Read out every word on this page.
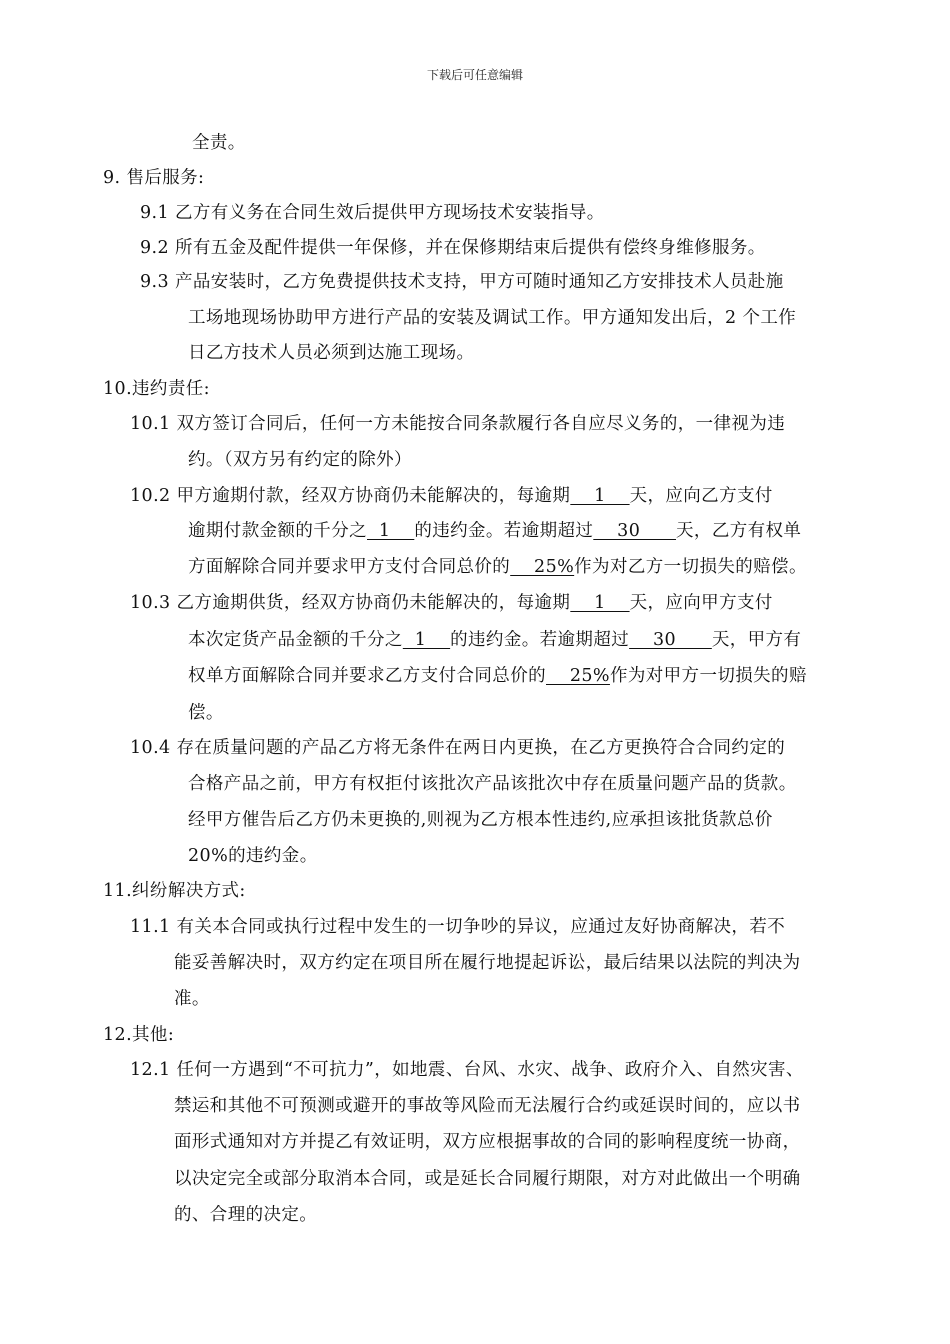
下载后可任意编辑
全责。
9. 售后服务:
9.1 乙方有义务在合同生效后提供甲方现场技术安装指导。
9.2 所有五金及配件提供一年保修，并在保修期结束后提供有偿终身维修服务。
9.3 产品安装时，乙方免费提供技术支持，甲方可随时通知乙方安排技术人员赴施
工场地现场协助甲方进行产品的安装及调试工作。甲方通知发出后，2 个工作
日乙方技术人员必须到达施工现场。
10.违约责任:
10.1 双方签订合同后，任何一方未能按合同条款履行各自应尽义务的，一律视为违
约。（双方另有约定的除外）
10.2 甲方逾期付款，经双方协商仍未能解决的，每逾期    1    天，应向乙方支付
逾期付款金额的千分之  1    的违约金。若逾期超过    30      天，乙方有权单
方面解除合同并要求甲方支付合同总价的    25%作为对乙方一切损失的赔偿。
10.3 乙方逾期供货，经双方协商仍未能解决的，每逾期    1    天，应向甲方支付
本次定货产品金额的千分之  1    的违约金。若逾期超过    30      天，甲方有
权单方面解除合同并要求乙方支付合同总价的    25%作为对甲方一切损失的赔
偿。
10.4 存在质量问题的产品乙方将无条件在两日内更换，在乙方更换符合合同约定的
合格产品之前，甲方有权拒付该批次产品该批次中存在质量问题产品的货款。
经甲方催告后乙方仍未更换的,则视为乙方根本性违约,应承担该批货款总价
20%的违约金。
11.纠纷解决方式:
11.1 有关本合同或执行过程中发生的一切争吵的异议，应通过友好协商解决，若不
能妥善解决时，双方约定在项目所在履行地提起诉讼，最后结果以法院的判决为
准。
12.其他:
12.1 任何一方遇到“不可抗力”，如地震、台风、水灾、战争、政府介入、自然灾害、
禁运和其他不可预测或避开的事故等风险而无法履行合约或延误时间的，应以书
面形式通知对方并提乙有效证明，双方应根据事故的合同的影响程度统一协商，
以决定完全或部分取消本合同，或是延长合同履行期限，对方对此做出一个明确
的、合理的决定。
